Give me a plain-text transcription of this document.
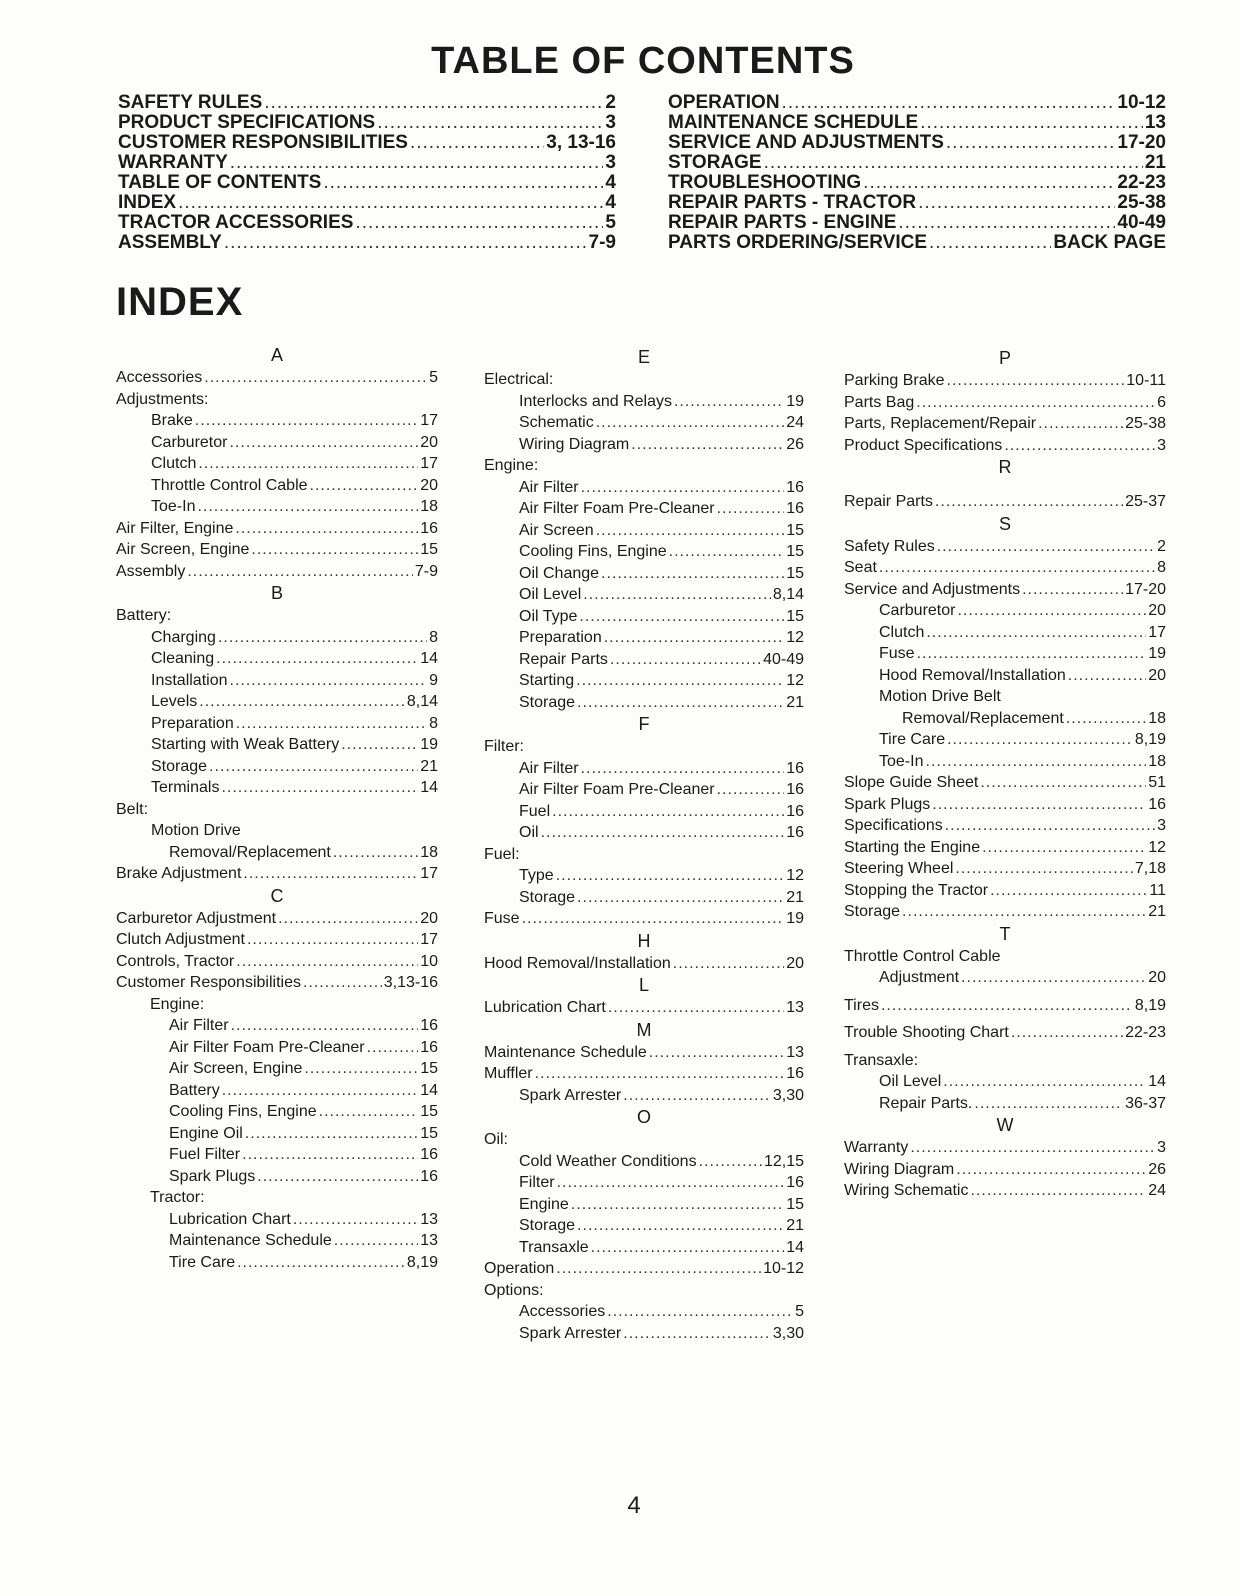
TABLE OF CONTENTS
SAFETY RULES .....	2
PRODUCT SPECIFICATIONS .....	3
CUSTOMER RESPONSIBILITIES .....	3, 13-16
WARRANTY .....	3
TABLE OF CONTENTS .....	4
INDEX .....	4
TRACTOR ACCESSORIES .....	5
ASSEMBLY .....	7-9
OPERATION .....	10-12
MAINTENANCE SCHEDULE .....	13
SERVICE AND ADJUSTMENTS .....	17-20
STORAGE .....	21
TROUBLESHOOTING .....	22-23
REPAIR PARTS - TRACTOR .....	25-38
REPAIR PARTS - ENGINE .....	40-49
PARTS ORDERING/SERVICE .....	BACK PAGE
INDEX
A
Accessories .....	5
Adjustments:
Brake .....	17
Carburetor .....	20
Clutch .....	17
Throttle Control Cable .....	20
Toe-In .....	18
Air Filter, Engine .....	16
Air Screen, Engine .....	15
Assembly .....	7-9
B
Battery:
Charging .....	8
Cleaning .....	14
Installation .....	9
Levels .....	8,14
Preparation .....	8
Starting with Weak Battery .....	19
Storage .....	21
Terminals .....	14
Belt:
Motion Drive
Removal/Replacement .....	18
Brake Adjustment .....	17
C
Carburetor Adjustment .....	20
Clutch Adjustment .....	17
Controls, Tractor .....	10
Customer Responsibilities .....	3,13-16
Engine:
Air Filter .....	16
Air Filter Foam Pre-Cleaner .....	16
Air Screen, Engine .....	15
Battery .....	14
Cooling Fins, Engine .....	15
Engine Oil .....	15
Fuel Filter .....	16
Spark Plugs .....	16
Tractor:
Lubrication Chart .....	13
Maintenance Schedule .....	13
Tire Care .....	8,19
E
Electrical:
Interlocks and Relays .....	19
Schematic .....	24
Wiring Diagram .....	26
Engine:
Air Filter .....	16
Air Filter Foam Pre-Cleaner .....	16
Air Screen .....	15
Cooling Fins, Engine .....	15
Oil Change .....	15
Oil Level .....	8,14
Oil Type .....	15
Preparation .....	12
Repair Parts .....	40-49
Starting .....	12
Storage .....	21
F
Filter:
Air Filter .....	16
Air Filter Foam Pre-Cleaner .....	16
Fuel .....	16
Oil .....	16
Fuel:
Type .....	12
Storage .....	21
Fuse .....	19
H
Hood Removal/Installation .....	20
L
Lubrication Chart .....	13
M
Maintenance Schedule .....	13
Muffler .....	16
Spark Arrester .....	3,30
O
Oil:
Cold Weather Conditions .....	12,15
Filter .....	16
Engine .....	15
Storage .....	21
Transaxle .....	14
Operation .....	10-12
Options:
Accessories .....	5
Spark Arrester .....	3,30
P
Parking Brake .....	10-11
Parts Bag .....	6
Parts, Replacement/Repair .....	25-38
Product Specifications .....	3
R
Repair Parts .....	25-37
S
Safety Rules .....	2
Seat .....	8
Service and Adjustments .....	17-20
Carburetor .....	20
Clutch .....	17
Fuse .....	19
Hood Removal/Installation .....	20
Motion Drive Belt
Removal/Replacement .....	18
Tire Care .....	8,19
Toe-In .....	18
Slope Guide Sheet .....	51
Spark Plugs .....	16
Specifications .....	3
Starting the Engine .....	12
Steering Wheel .....	7,18
Stopping the Tractor .....	11
Storage .....	21
T
Throttle Control Cable
Adjustment .....	20
Tires .....	8,19
Trouble Shooting Chart .....	22-23
Transaxle:
Oil Level .....	14
Repair Parts. .....	36-37
W
Warranty .....	3
Wiring Diagram .....	26
Wiring Schematic .....	24
4
